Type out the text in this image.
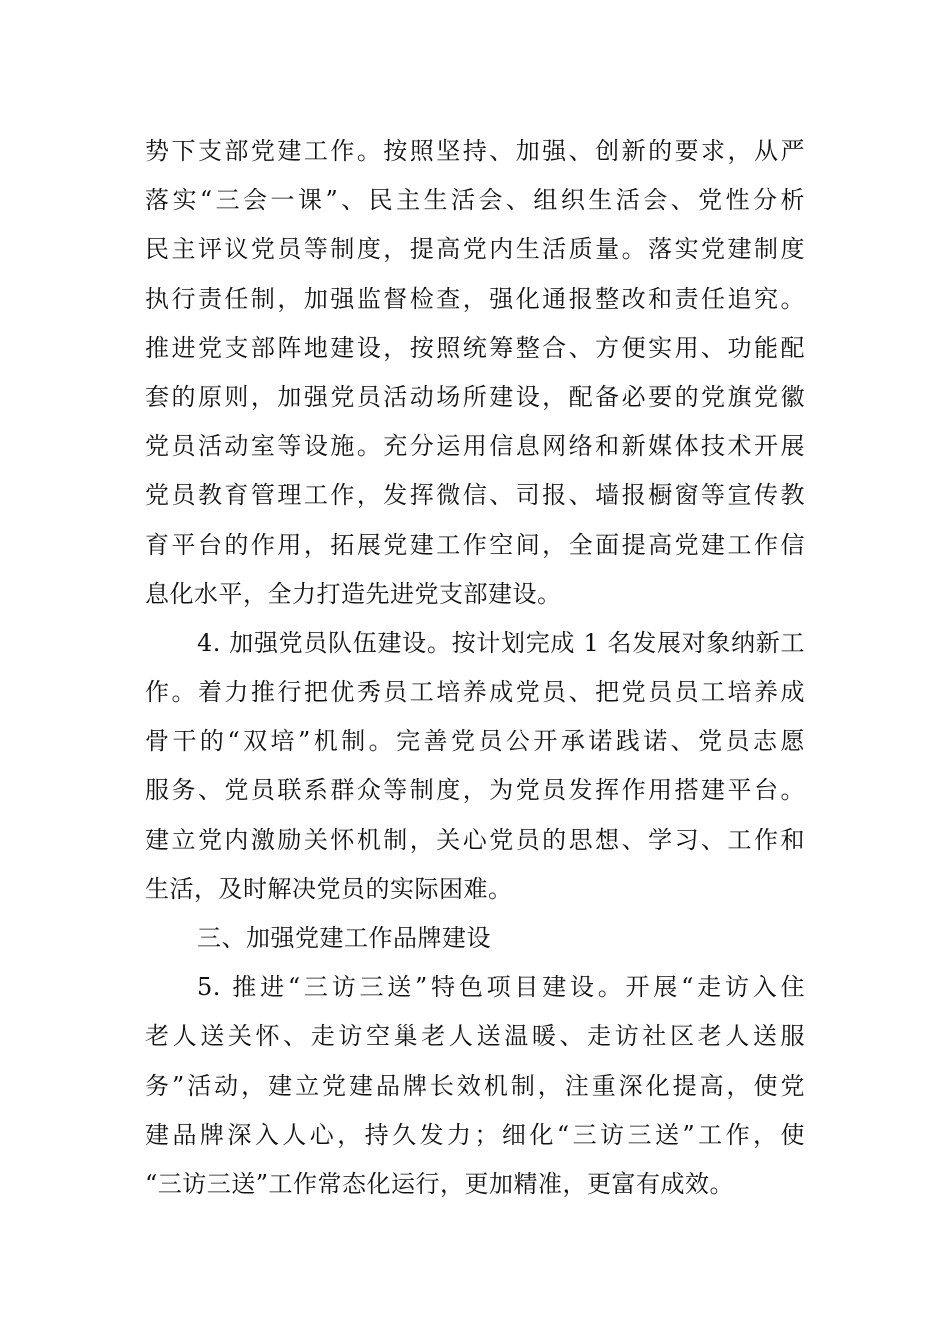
势下支部党建工作。按照坚持、加强、创新的要求，从严
落实“三会一课”、民主生活会、组织生活会、党性分析
民主评议党员等制度，提高党内生活质量。落实党建制度
执行责任制，加强监督检查，强化通报整改和责任追究。
推进党支部阵地建设，按照统筹整合、方便实用、功能配
套的原则，加强党员活动场所建设，配备必要的党旗党徽
党员活动室等设施。充分运用信息网络和新媒体技术开展
党员教育管理工作，发挥微信、司报、墙报橱窗等宣传教
育平台的作用，拓展党建工作空间，全面提高党建工作信
息化水平，全力打造先进党支部建设。
4. 加强党员队伍建设。按计划完成 1 名发展对象纳新工
作。着力推行把优秀员工培养成党员、把党员员工培养成
骨干的“双培”机制。完善党员公开承诺践诺、党员志愿
服务、党员联系群众等制度，为党员发挥作用搭建平台。
建立党内激励关怀机制，关心党员的思想、学习、工作和
生活，及时解决党员的实际困难。
三、加强党建工作品牌建设
5. 推进“三访三送”特色项目建设。开展“走访入住
老人送关怀、走访空巢老人送温暖、走访社区老人送服
务”活动，建立党建品牌长效机制，注重深化提高，使党
建品牌深入人心，持久发力；细化“三访三送”工作，使
“三访三送”工作常态化运行，更加精准，更富有成效。
